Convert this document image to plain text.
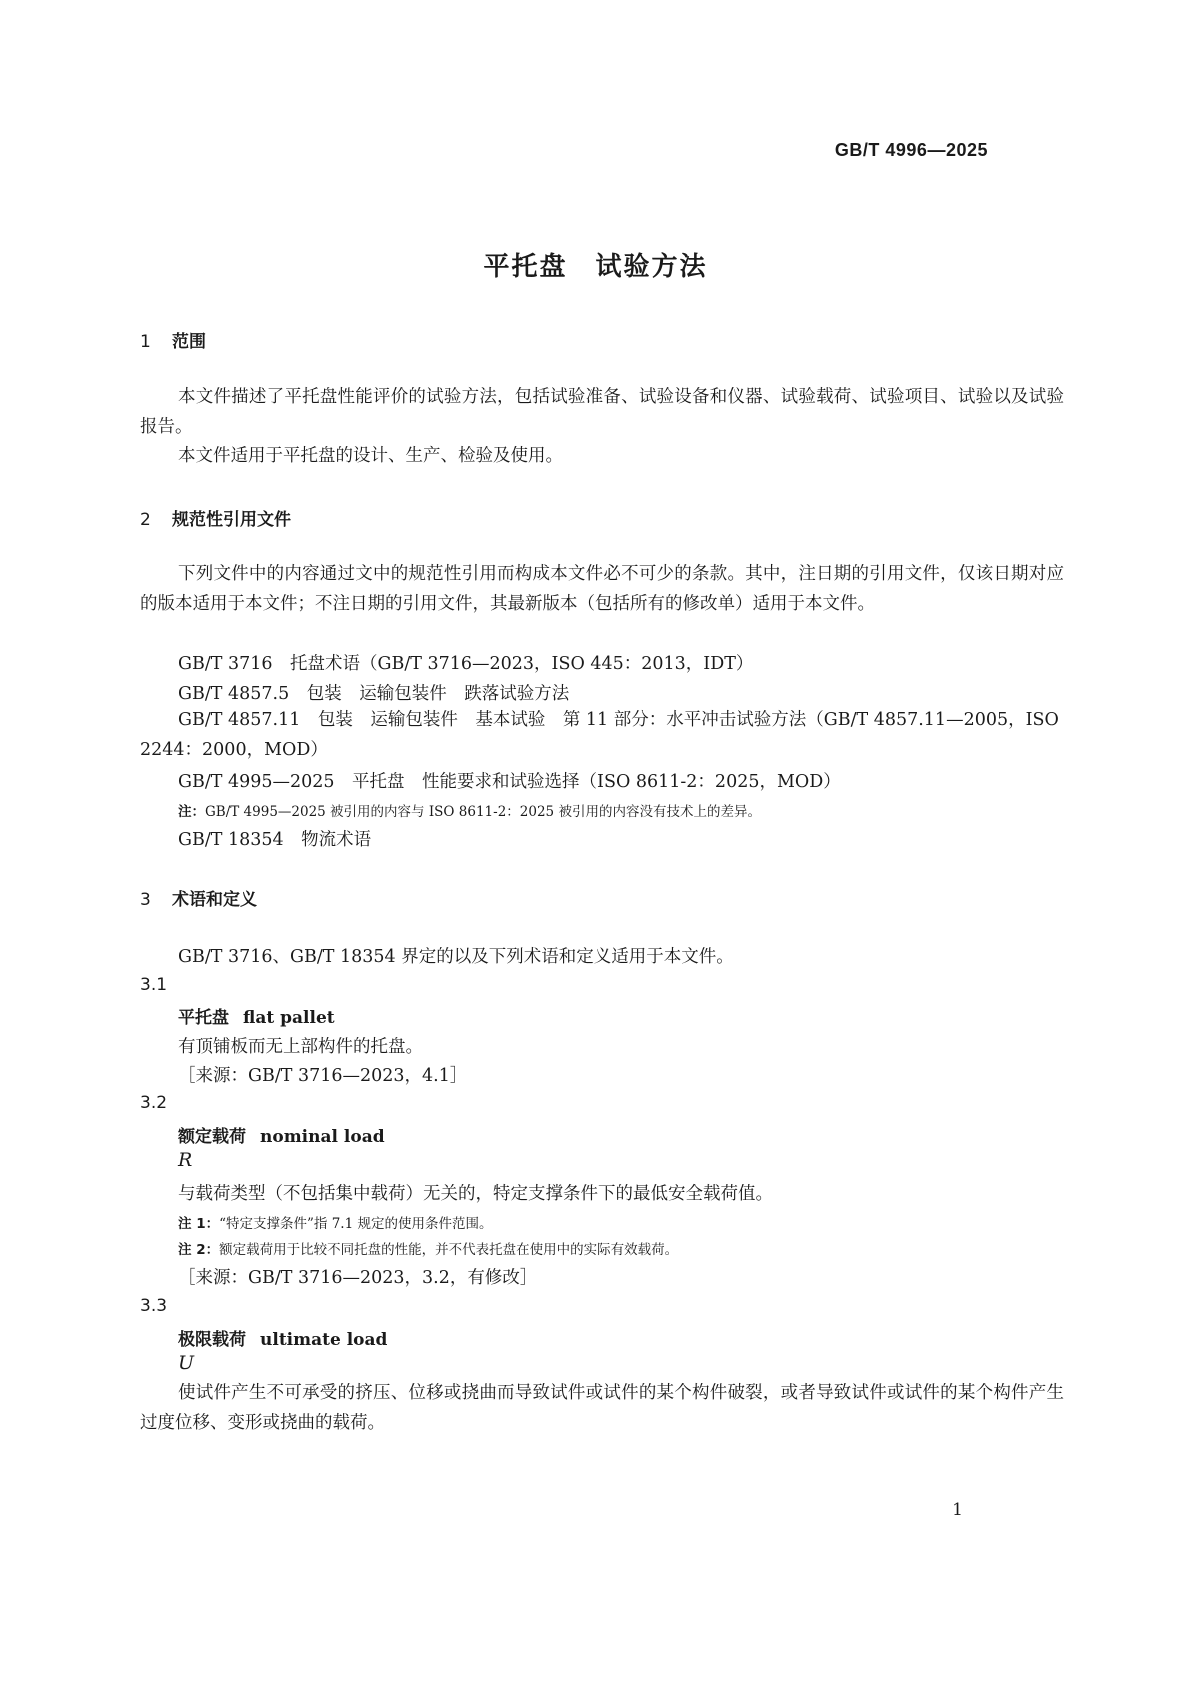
GB/T 4996—2025

平托盘　试验方法
1 范围

本文件描述了平托盘性能评价的试验方法，包括试验准备、试验设备和仪器、试验载荷、试验项目、试验以及试验报告。

本文件适用于平托盘的设计、生产、检验及使用。

2 规范性引用文件

下列文件中的内容通过文中的规范性引用而构成本文件必不可少的条款。其中，注日期的引用文件，仅该日期对应的版本适用于本文件；不注日期的引用文件，其最新版本（包括所有的修改单）适用于本文件。

GB/T 3716　托盘术语（GB/T 3716—2023，ISO 445：2013，IDT）

GB/T 4857.5　包装　运输包装件　跌落试验方法

GB/T 4857.11　包装　运输包装件　基本试验　第 11 部分：水平冲击试验方法（GB/T 4857.11—2005，ISO 2244：2000，MOD）

GB/T 4995—2025　平托盘　性能要求和试验选择（ISO 8611-2：2025，MOD）

注：GB/T 4995—2025 被引用的内容与 ISO 8611-2：2025 被引用的内容没有技术上的差异。

GB/T 18354　物流术语

3 术语和定义

GB/T 3716、GB/T 18354 界定的以及下列术语和定义适用于本文件。

3.1

平托盘 flat pallet

有顶铺板而无上部构件的托盘。

［来源：GB/T 3716—2023，4.1］

3.2

额定载荷 nominal load

R

与载荷类型（不包括集中载荷）无关的，特定支撑条件下的最低安全载荷值。

注 1：“特定支撑条件”指 7.1 规定的使用条件范围。

注 2：额定载荷用于比较不同托盘的性能，并不代表托盘在使用中的实际有效载荷。

［来源：GB/T 3716—2023，3.2，有修改］

3.3

极限载荷 ultimate load

U

使试件产生不可承受的挤压、位移或挠曲而导致试件或试件的某个构件破裂，或者导致试件或试件的某个构件产生过度位移、变形或挠曲的载荷。

1
